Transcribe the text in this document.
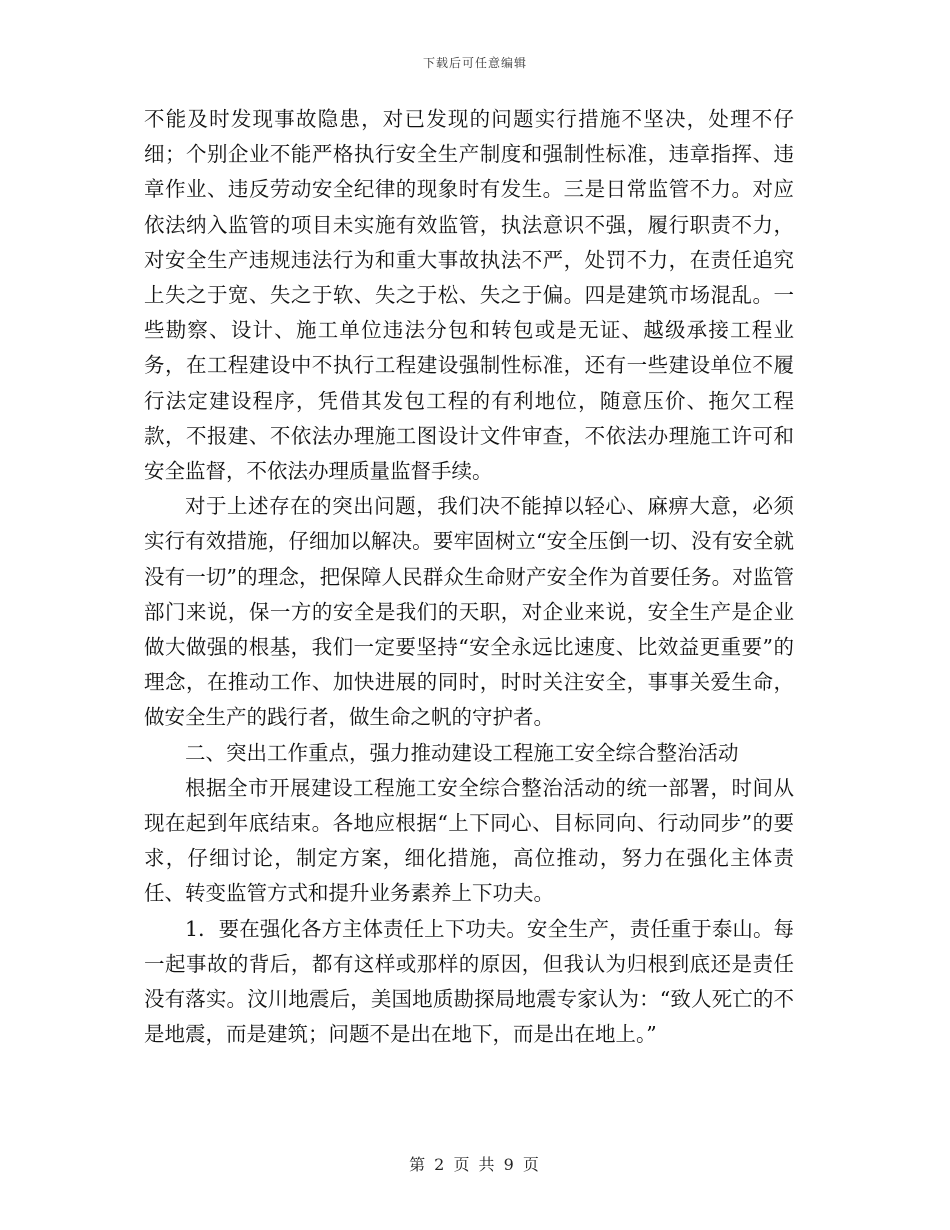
下载后可任意编辑

不能及时发现事故隐患，对已发现的问题实行措施不坚决，处理不仔细；个别企业不能严格执行安全生产制度和强制性标准，违章指挥、违章作业、违反劳动安全纪律的现象时有发生。三是日常监管不力。对应依法纳入监管的项目未实施有效监管，执法意识不强，履行职责不力，对安全生产违规违法行为和重大事故执法不严，处罚不力，在责任追究上失之于宽、失之于软、失之于松、失之于偏。四是建筑市场混乱。一些勘察、设计、施工单位违法分包和转包或是无证、越级承接工程业务，在工程建设中不执行工程建设强制性标准，还有一些建设单位不履行法定建设程序，凭借其发包工程的有利地位，随意压价、拖欠工程款，不报建、不依法办理施工图设计文件审查，不依法办理施工许可和安全监督，不依法办理质量监督手续。

对于上述存在的突出问题，我们决不能掉以轻心、麻痹大意，必须实行有效措施，仔细加以解决。要牢固树立“安全压倒一切、没有安全就没有一切”的理念，把保障人民群众生命财产安全作为首要任务。对监管部门来说，保一方的安全是我们的天职，对企业来说，安全生产是企业做大做强的根基，我们一定要坚持“安全永远比速度、比效益更重要”的理念，在推动工作、加快进展的同时，时时关注安全，事事关爱生命，做安全生产的践行者，做生命之帆的守护者。

二、突出工作重点，强力推动建设工程施工安全综合整治活动

根据全市开展建设工程施工安全综合整治活动的统一部署，时间从现在起到年底结束。各地应根据“上下同心、目标同向、行动同步”的要求，仔细讨论，制定方案，细化措施，高位推动，努力在强化主体责任、转变监管方式和提升业务素养上下功夫。

1．要在强化各方主体责任上下功夫。安全生产，责任重于泰山。每一起事故的背后，都有这样或那样的原因，但我认为归根到底还是责任没有落实。汶川地震后，美国地质勘探局地震专家认为：“致人死亡的不是地震，而是建筑；问题不是出在地下，而是出在地上。”

第 2 页 共 9 页
